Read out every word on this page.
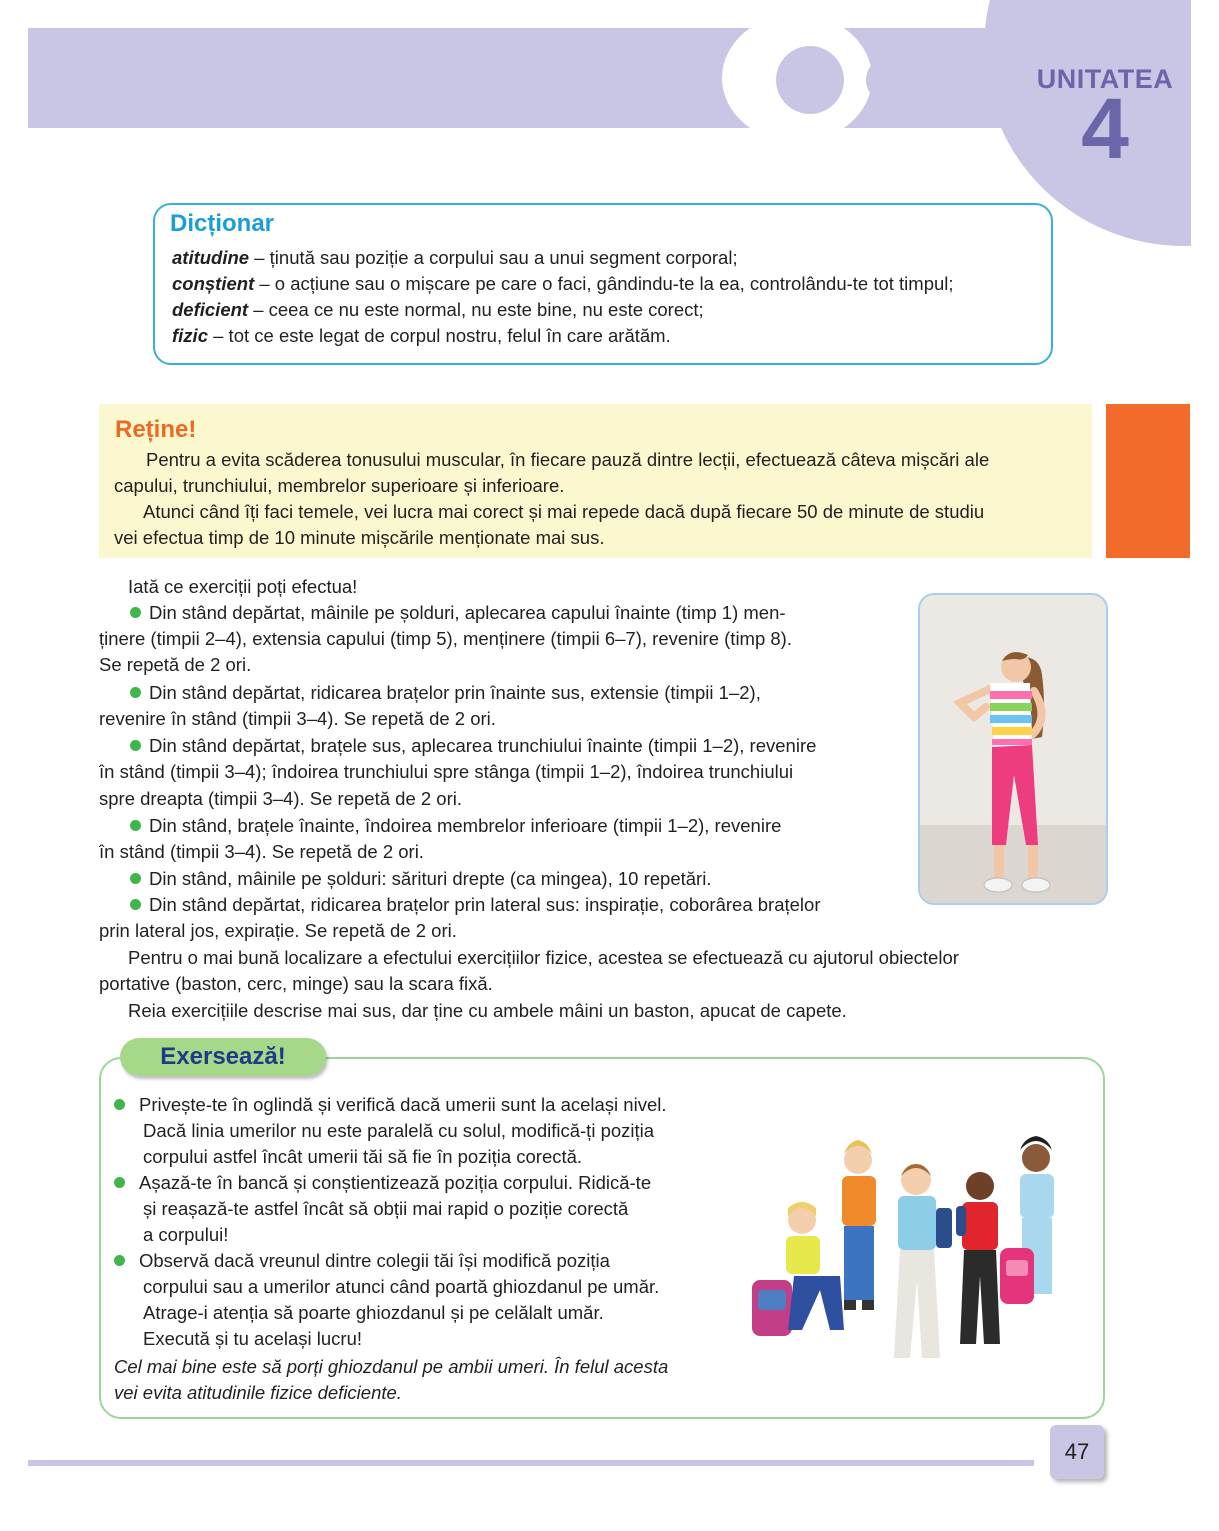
UNITATEA
4
Dicționar
atitudine – ținută sau poziție a corpului sau a unui segment corporal;
conștient – o acțiune sau o mișcare pe care o faci, gândindu-te la ea, controlându-te tot timpul;
deficient – ceea ce nu este normal, nu este bine, nu este corect;
fizic – tot ce este legat de corpul nostru, felul în care arătăm.
Reține!
Pentru a evita scăderea tonusului muscular, în fiecare pauză dintre lecții, efectuează câteva mișcări ale
capului, trunchiului, membrelor superioare și inferioare.
Atunci când îți faci temele, vei lucra mai corect și mai repede dacă după fiecare 50 de minute de studiu
vei efectua timp de 10 minute mișcările menționate mai sus.
Iată ce exerciții poți efectua!
Din stând depărtat, mâinile pe șolduri, aplecarea capului înainte (timp 1) men-
ținere (timpii 2–4), extensia capului (timp 5), menținere (timpii 6–7), revenire (timp 8).
Se repetă de 2 ori.
Din stând depărtat, ridicarea brațelor prin înainte sus, extensie (timpii 1–2),
revenire în stând (timpii 3–4). Se repetă de 2 ori.
Din stând depărtat, brațele sus, aplecarea trunchiului înainte (timpii 1–2), revenire
în stând (timpii 3–4); îndoirea trunchiului spre stânga (timpii 1–2), îndoirea trunchiului
spre dreapta (timpii 3–4). Se repetă de 2 ori.
Din stând, brațele înainte, îndoirea membrelor inferioare (timpii 1–2), revenire
în stând (timpii 3–4). Se repetă de 2 ori.
Din stând, mâinile pe șolduri: sărituri drepte (ca mingea), 10 repetări.
Din stând depărtat, ridicarea brațelor prin lateral sus: inspirație, coborârea brațelor
prin lateral jos, expirație. Se repetă de 2 ori.
Pentru o mai bună localizare a efectului exercițiilor fizice, acestea se efectuează cu ajutorul obiectelor
portative (baston, cerc, minge) sau la scara fixă.
Reia exercițiile descrise mai sus, dar ține cu ambele mâini un baston, apucat de capete.
Exersează!
Privește-te în oglindă și verifică dacă umerii sunt la același nivel.
Dacă linia umerilor nu este paralelă cu solul, modifică-ți poziția
corpului astfel încât umerii tăi să fie în poziția corectă.
Așază-te în bancă și conștientizează poziția corpului. Ridică-te
și reașază-te astfel încât să obții mai rapid o poziție corectă
a corpului!
Observă dacă vreunul dintre colegii tăi își modifică poziția
corpului sau a umerilor atunci când poartă ghiozdanul pe umăr.
Atrage-i atenția să poarte ghiozdanul și pe celălalt umăr.
Execută și tu același lucru!
Cel mai bine este să porți ghiozdanul pe ambii umeri. În felul acesta
vei evita atitudinile fizice deficiente.
47
